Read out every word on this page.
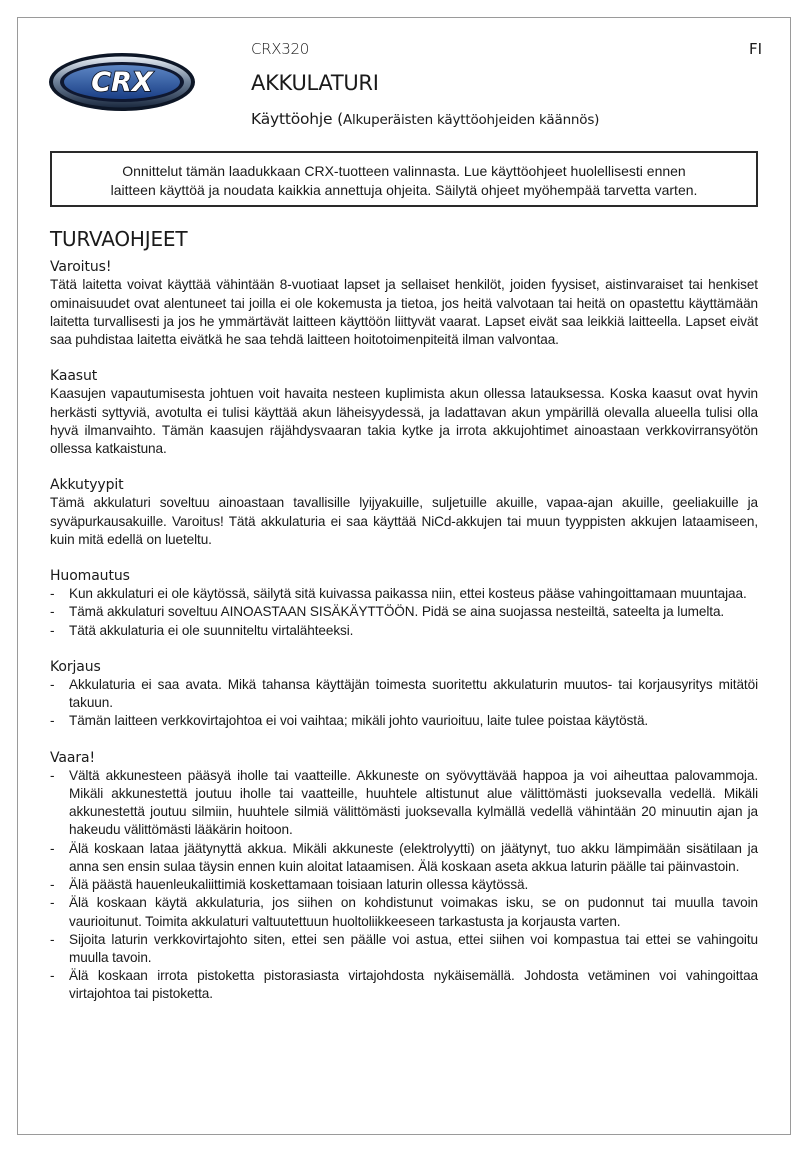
CRX
CRX320	FI
AKKULATURI
Käyttöohje (Alkuperäisten käyttöohjeiden käännös)
Onnittelut tämän laadukkaan CRX-tuotteen valinnasta. Lue käyttöohjeet huolellisesti ennen
laitteen käyttöä ja noudata kaikkia annettuja ohjeita. Säilytä ohjeet myöhempää tarvetta varten.
TURVAOHJEET
Varoitus!

Tätä laitetta voivat käyttää vähintään 8-vuotiaat lapset ja sellaiset henkilöt, joiden fyysiset, aistinvaraiset tai henkiset ominaisuudet ovat alentuneet tai joilla ei ole kokemusta ja tietoa, jos heitä valvotaan tai heitä on opastettu käyttämään laitetta turvallisesti ja jos he ymmärtävät laitteen käyttöön liittyvät vaarat. Lapset eivät saa leikkiä laitteella. Lapset eivät saa puhdistaa laitetta eivätkä he saa tehdä laitteen hoitotoimenpiteitä ilman valvontaa.

Kaasut

Kaasujen vapautumisesta johtuen voit havaita nesteen kuplimista akun ollessa latauksessa. Koska kaasut ovat hyvin herkästi syttyviä, avotulta ei tulisi käyttää akun läheisyydessä, ja ladattavan akun ympärillä olevalla alueella tulisi olla hyvä ilmanvaihto. Tämän kaasujen räjähdysvaaran takia kytke ja irrota akkujohtimet ainoastaan verkkovirransyötön ollessa katkaistuna.

Akkutyypit

Tämä akkulaturi soveltuu ainoastaan tavallisille lyijyakuille, suljetuille akuille, vapaa-ajan akuille, geeliakuille ja syväpurkausakuille. Varoitus! Tätä akkulaturia ei saa käyttää NiCd-akkujen tai muun tyyppisten akkujen lataamiseen, kuin mitä edellä on lueteltu.

Huomautus
- Kun akkulaturi ei ole käytössä, säilytä sitä kuivassa paikassa niin, ettei kosteus pääse vahingoittamaan muuntajaa.
- Tämä akkulaturi soveltuu AINOASTAAN SISÄKÄYTTÖÖN. Pidä se aina suojassa nesteiltä, sateelta ja lumelta.
- Tätä akkulaturia ei ole suunniteltu virtalähteeksi.
Korjaus
- Akkulaturia ei saa avata. Mikä tahansa käyttäjän toimesta suoritettu akkulaturin muutos- tai korjausyritys mitätöi takuun.
- Tämän laitteen verkkovirtajohtoa ei voi vaihtaa; mikäli johto vaurioituu, laite tulee poistaa käytöstä.
Vaara!
- Vältä akkunesteen pääsyä iholle tai vaatteille. Akkuneste on syövyttävää happoa ja voi aiheuttaa palovammoja. Mikäli akkunestettä joutuu iholle tai vaatteille, huuhtele altistunut alue välittömästi juoksevalla vedellä. Mikäli akkunestettä joutuu silmiin, huuhtele silmiä välittömästi juoksevalla kylmällä vedellä vähintään 20 minuutin ajan ja hakeudu välittömästi lääkärin hoitoon.
- Älä koskaan lataa jäätynyttä akkua. Mikäli akkuneste (elektrolyytti) on jäätynyt, tuo akku lämpimään sisätilaan ja anna sen ensin sulaa täysin ennen kuin aloitat lataamisen. Älä koskaan aseta akkua laturin päälle tai päinvastoin.
- Älä päästä hauenleukaliittimiä koskettamaan toisiaan laturin ollessa käytössä.
- Älä koskaan käytä akkulaturia, jos siihen on kohdistunut voimakas isku, se on pudonnut tai muulla tavoin vaurioitunut. Toimita akkulaturi valtuutettuun huoltoliikkeeseen tarkastusta ja korjausta varten.
- Sijoita laturin verkkovirtajohto siten, ettei sen päälle voi astua, ettei siihen voi kompastua tai ettei se vahingoitu muulla tavoin.
- Älä koskaan irrota pistoketta pistorasiasta virtajohdosta nykäisemällä. Johdosta vetäminen voi vahingoittaa virtajohtoa tai pistoketta.
